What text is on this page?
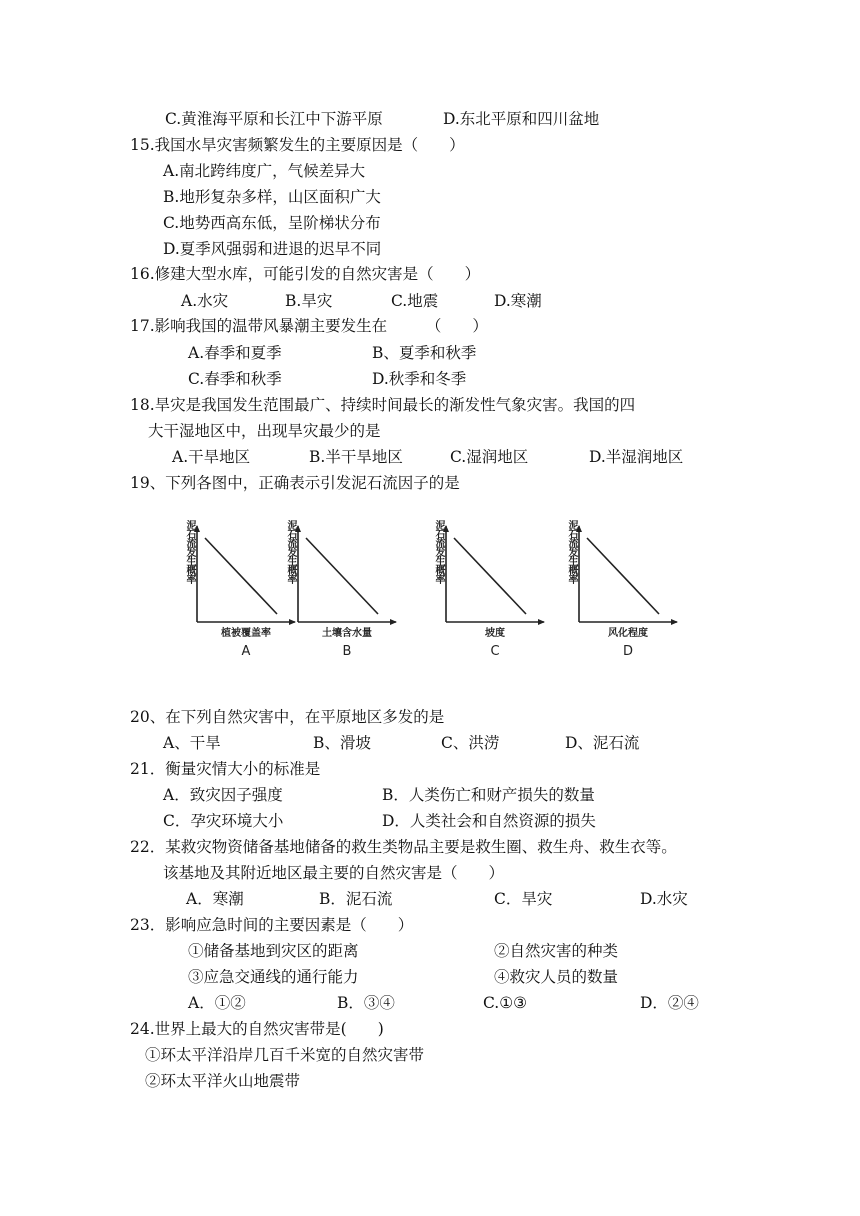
C.黄淮海平原和长江中下游平原	D.东北平原和四川盆地
15.我国水旱灾害频繁发生的主要原因是（　　）
A.南北跨纬度广，气候差异大
B.地形复杂多样，山区面积广大
C.地势西高东低，呈阶梯状分布
D.夏季风强弱和进退的迟早不同
16.修建大型水库，可能引发的自然灾害是（　　）
A.水灾	B.旱灾	C.地震	D.寒潮
17.影响我国的温带风暴潮主要发生在　　　（　　）
A.春季和夏季	B、夏季和秋季
C.春季和秋季	D.秋季和冬季
18.旱灾是我国发生范围最广、持续时间最长的渐发性气象灾害。我国的四
大干湿地区中，出现旱灾最少的是
A.干旱地区	B.半干旱地区	C.湿润地区	D.半湿润地区
19、下列各图中，正确表示引发泥石流因子的是
泥石流发生概率
植被覆盖率
A
泥石流发生概率
土壤含水量
B
泥石流发生概率
坡度
C
泥石流发生概率
风化程度
D
20、在下列自然灾害中，在平原地区多发的是
A、干旱	B、滑坡	C、洪涝	D、泥石流
21．衡量灾情大小的标准是
A．致灾因子强度	B．人类伤亡和财产损失的数量
C．孕灾环境大小	D．人类社会和自然资源的损失
22．某救灾物资储备基地储备的救生类物品主要是救生圈、救生舟、救生衣等。
该基地及其附近地区最主要的自然灾害是（　　）
A．寒潮	B．泥石流	C．旱灾	D.水灾
23．影响应急时间的主要因素是（　　）
①储备基地到灾区的距离	②自然灾害的种类
③应急交通线的通行能力	④救灾人员的数量
A．①②	B．③④	C.①③	D．②④
24.世界上最大的自然灾害带是(　　)
①环太平洋沿岸几百千米宽的自然灾害带
②环太平洋火山地震带
